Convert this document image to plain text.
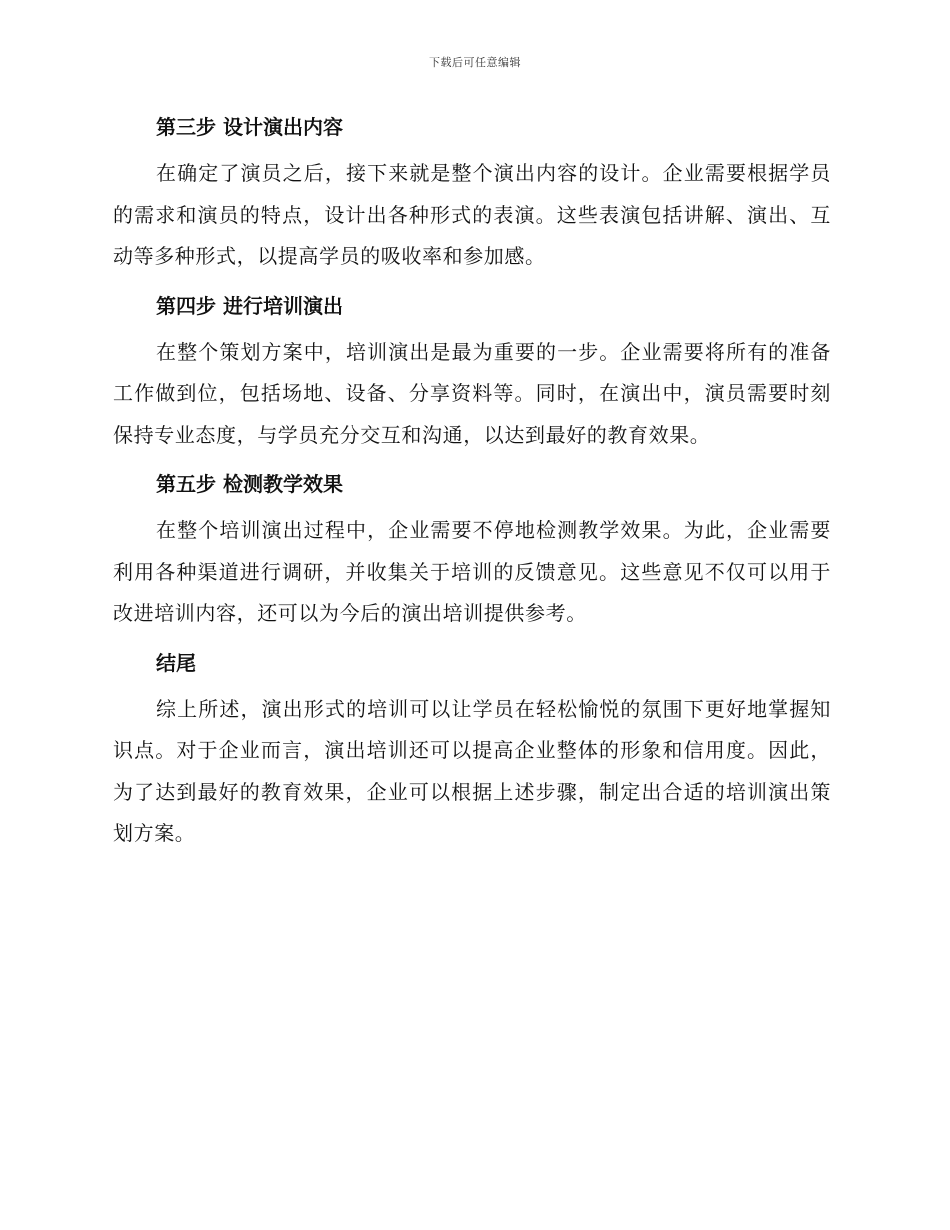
下载后可任意编辑
第三步 设计演出内容

在确定了演员之后，接下来就是整个演出内容的设计。企业需要根据学员的需求和演员的特点，设计出各种形式的表演。这些表演包括讲解、演出、互动等多种形式，以提高学员的吸收率和参加感。

第四步 进行培训演出

在整个策划方案中，培训演出是最为重要的一步。企业需要将所有的准备工作做到位，包括场地、设备、分享资料等。同时，在演出中，演员需要时刻保持专业态度，与学员充分交互和沟通，以达到最好的教育效果。

第五步 检测教学效果

在整个培训演出过程中，企业需要不停地检测教学效果。为此，企业需要利用各种渠道进行调研，并收集关于培训的反馈意见。这些意见不仅可以用于改进培训内容，还可以为今后的演出培训提供参考。

结尾

综上所述，演出形式的培训可以让学员在轻松愉悦的氛围下更好地掌握知识点。对于企业而言，演出培训还可以提高企业整体的形象和信用度。因此，为了达到最好的教育效果，企业可以根据上述步骤，制定出合适的培训演出策划方案。
